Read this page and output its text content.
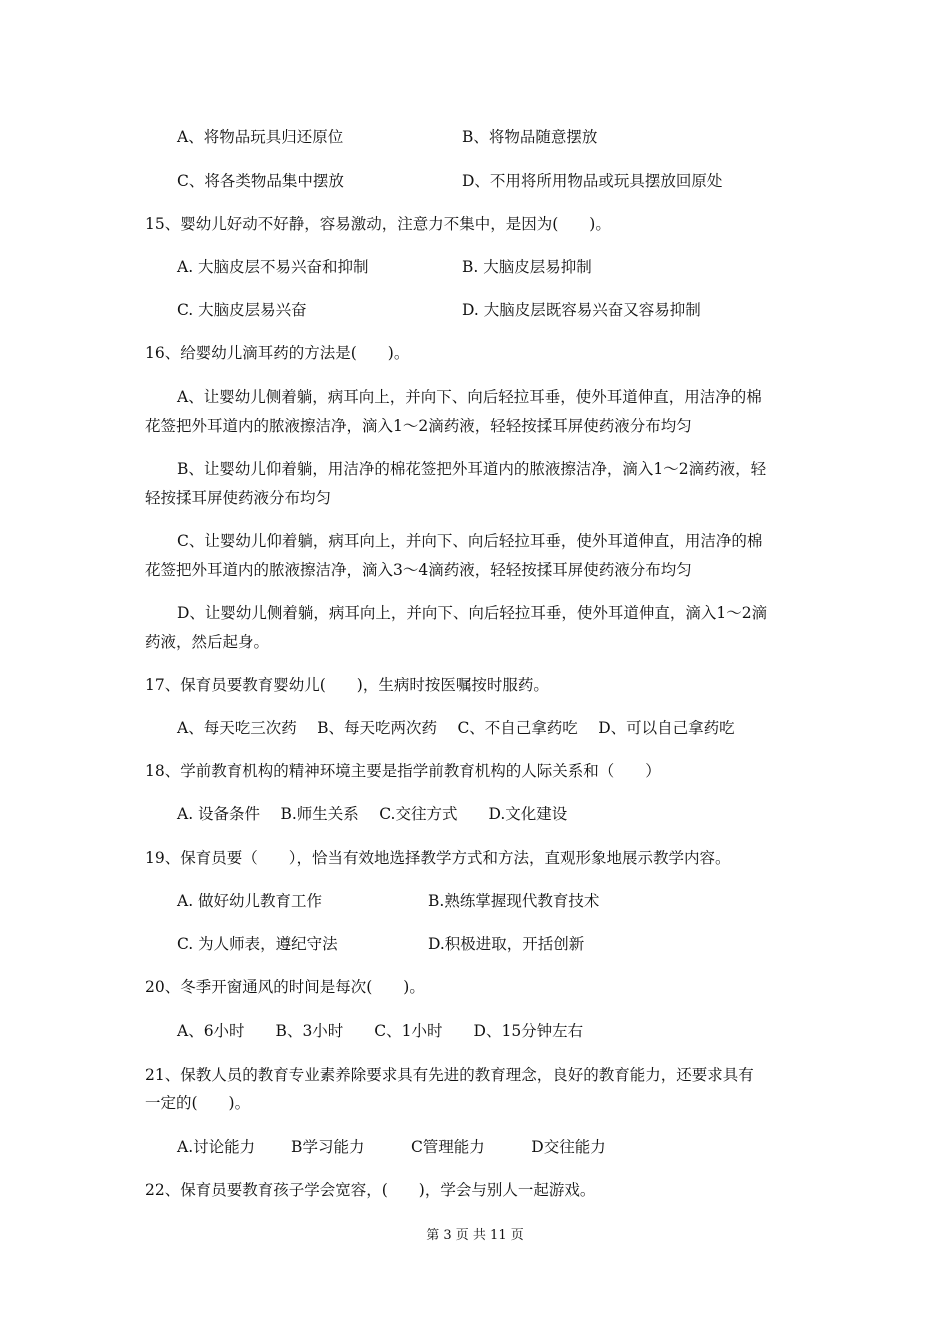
A、将物品玩具归还原位	B、将物品随意摆放
C、将各类物品集中摆放	D、不用将所用物品或玩具摆放回原处
15、婴幼儿好动不好静，容易激动，注意力不集中，是因为(　　)。
A. 大脑皮层不易兴奋和抑制	B. 大脑皮层易抑制
C. 大脑皮层易兴奋	D. 大脑皮层既容易兴奋又容易抑制
16、给婴幼儿滴耳药的方法是(　　)。
A、让婴幼儿侧着躺，病耳向上，并向下、向后轻拉耳垂，使外耳道伸直，用洁净的棉
花签把外耳道内的脓液擦洁净，滴入1～2滴药液，轻轻按揉耳屏使药液分布均匀
B、让婴幼儿仰着躺，用洁净的棉花签把外耳道内的脓液擦洁净，滴入1～2滴药液，轻
轻按揉耳屏使药液分布均匀
C、让婴幼儿仰着躺，病耳向上，并向下、向后轻拉耳垂，使外耳道伸直，用洁净的棉
花签把外耳道内的脓液擦洁净，滴入3～4滴药液，轻轻按揉耳屏使药液分布均匀
D、让婴幼儿侧着躺，病耳向上，并向下、向后轻拉耳垂，使外耳道伸直，滴入1～2滴
药液，然后起身。
17、保育员要教育婴幼儿(　　)，生病时按医嘱按时服药。
A、每天吃三次药　 B、每天吃两次药　 C、不自己拿药吃　 D、可以自己拿药吃
18、学前教育机构的精神环境主要是指学前教育机构的人际关系和（　　）
A. 设备条件　 B.师生关系　 C.交往方式　　D.文化建设
19、保育员要（　　），恰当有效地选择教学方式和方法，直观形象地展示教学内容。
A. 做好幼儿教育工作	B.熟练掌握现代教育技术
C. 为人师表，遵纪守法	D.积极进取，开括创新
20、冬季开窗通风的时间是每次(　　)。
A、6小时　　B、3小时　　C、1小时　　D、15分钟左右
21、保教人员的教育专业素养除要求具有先进的教育理念，良好的教育能力，还要求具有
一定的(　　)。
A.讨论能力　　 B学习能力　　　C管理能力　　　D交往能力
22、保育员要教育孩子学会宽容，(　　)，学会与别人一起游戏。
第 3 页 共 11 页
